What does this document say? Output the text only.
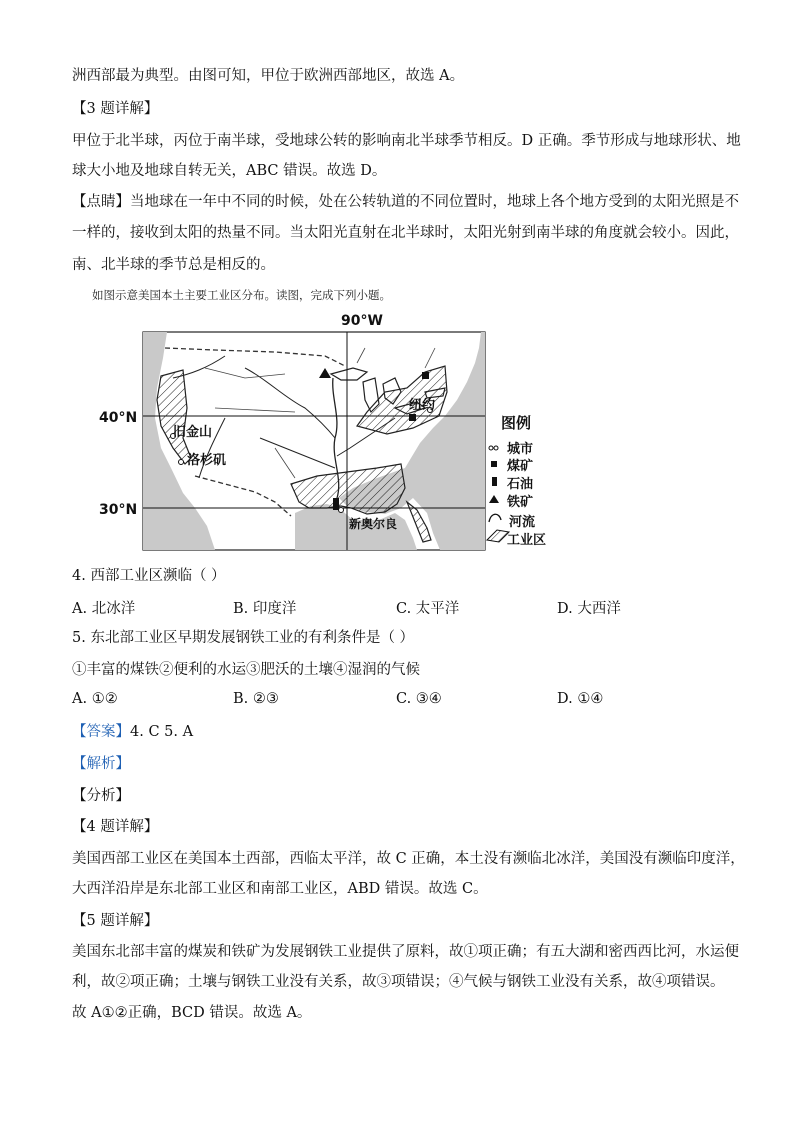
洲西部最为典型。由图可知，甲位于欧洲西部地区，故选 A。
【3 题详解】
甲位于北半球，丙位于南半球，受地球公转的影响南北半球季节相反。D 正确。季节形成与地球形状、地
球大小地及地球自转无关，ABC 错误。故选 D。
【点睛】当地球在一年中不同的时候，处在公转轨道的不同位置时，地球上各个地方受到的太阳光照是不
一样的，接收到太阳的热量不同。当太阳光直射在北半球时，太阳光射到南半球的角度就会较小。因此，
南、北半球的季节总是相反的。
如图示意美国本土主要工业区分布。读图，完成下列小题。
90°W
40°N
30°N
旧金山
洛杉矶
纽约
新奥尔良
图例
城市
煤矿
石油
铁矿
河流
工业区
4. 西部工业区濒临（ ）
A. 北冰洋	B. 印度洋	C. 太平洋	D. 大西洋
5. 东北部工业区早期发展钢铁工业的有利条件是（ ）
①丰富的煤铁②便利的水运③肥沃的土壤④湿润的气候
A. ①②	B. ②③	C. ③④	D. ①④
【答案】4. C 5. A
【解析】
【分析】
【4 题详解】
美国西部工业区在美国本土西部，西临太平洋，故 C 正确，本土没有濒临北冰洋，美国没有濒临印度洋，
大西洋沿岸是东北部工业区和南部工业区，ABD 错误。故选 C。
【5 题详解】
美国东北部丰富的煤炭和铁矿为发展钢铁工业提供了原料，故①项正确；有五大湖和密西西比河，水运便
利，故②项正确；土壤与钢铁工业没有关系，故③项错误；④气候与钢铁工业没有关系，故④项错误。
故 A①②正确，BCD 错误。故选 A。
